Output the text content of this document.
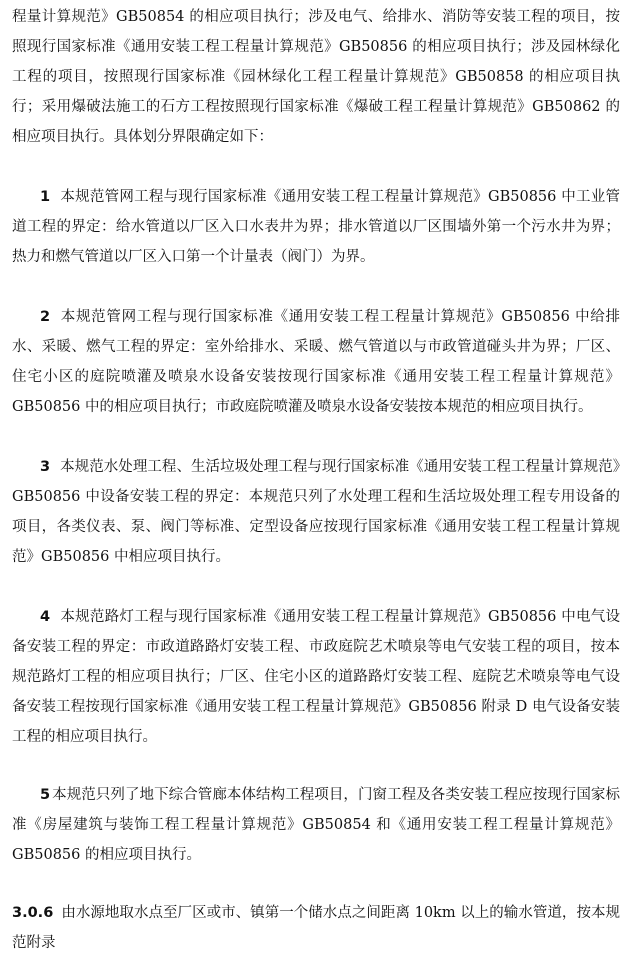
程量计算规范》GB50854 的相应项目执行；涉及电气、给排水、消防等安装工程的项目，按照现行国家标准《通用安装工程工程量计算规范》GB50856 的相应项目执行；涉及园林绿化工程的项目，按照现行国家标准《园林绿化工程工程量计算规范》GB50858 的相应项目执行；采用爆破法施工的石方工程按照现行国家标准《爆破工程工程量计算规范》GB50862 的相应项目执行。具体划分界限确定如下：

1 本规范管网工程与现行国家标准《通用安装工程工程量计算规范》GB50856 中工业管道工程的界定：给水管道以厂区入口水表井为界；排水管道以厂区围墙外第一个污水井为界；热力和燃气管道以厂区入口第一个计量表（阀门）为界。

2 本规范管网工程与现行国家标准《通用安装工程工程量计算规范》GB50856 中给排水、采暖、燃气工程的界定：室外给排水、采暖、燃气管道以与市政管道碰头井为界；厂区、住宅小区的庭院喷灌及喷泉水设备安装按现行国家标准《通用安装工程工程量计算规范》GB50856 中的相应项目执行；市政庭院喷灌及喷泉水设备安装按本规范的相应项目执行。

3 本规范水处理工程、生活垃圾处理工程与现行国家标准《通用安装工程工程量计算规范》GB50856 中设备安装工程的界定：本规范只列了水处理工程和生活垃圾处理工程专用设备的项目，各类仪表、泵、阀门等标准、定型设备应按现行国家标准《通用安装工程工程量计算规范》GB50856 中相应项目执行。

4 本规范路灯工程与现行国家标准《通用安装工程工程量计算规范》GB50856 中电气设备安装工程的界定：市政道路路灯安装工程、市政庭院艺术喷泉等电气安装工程的项目，按本规范路灯工程的相应项目执行；厂区、住宅小区的道路路灯安装工程、庭院艺术喷泉等电气设备安装工程按现行国家标准《通用安装工程工程量计算规范》GB50856 附录 D 电气设备安装工程的相应项目执行。

5 本规范只列了地下综合管廊本体结构工程项目，门窗工程及各类安装工程应按现行国家标准《房屋建筑与装饰工程工程量计算规范》GB50854 和《通用安装工程工程量计算规范》GB50856 的相应项目执行。

3.0.6 由水源地取水点至厂区或市、镇第一个储水点之间距离 10km 以上的输水管道，按本规范附录
